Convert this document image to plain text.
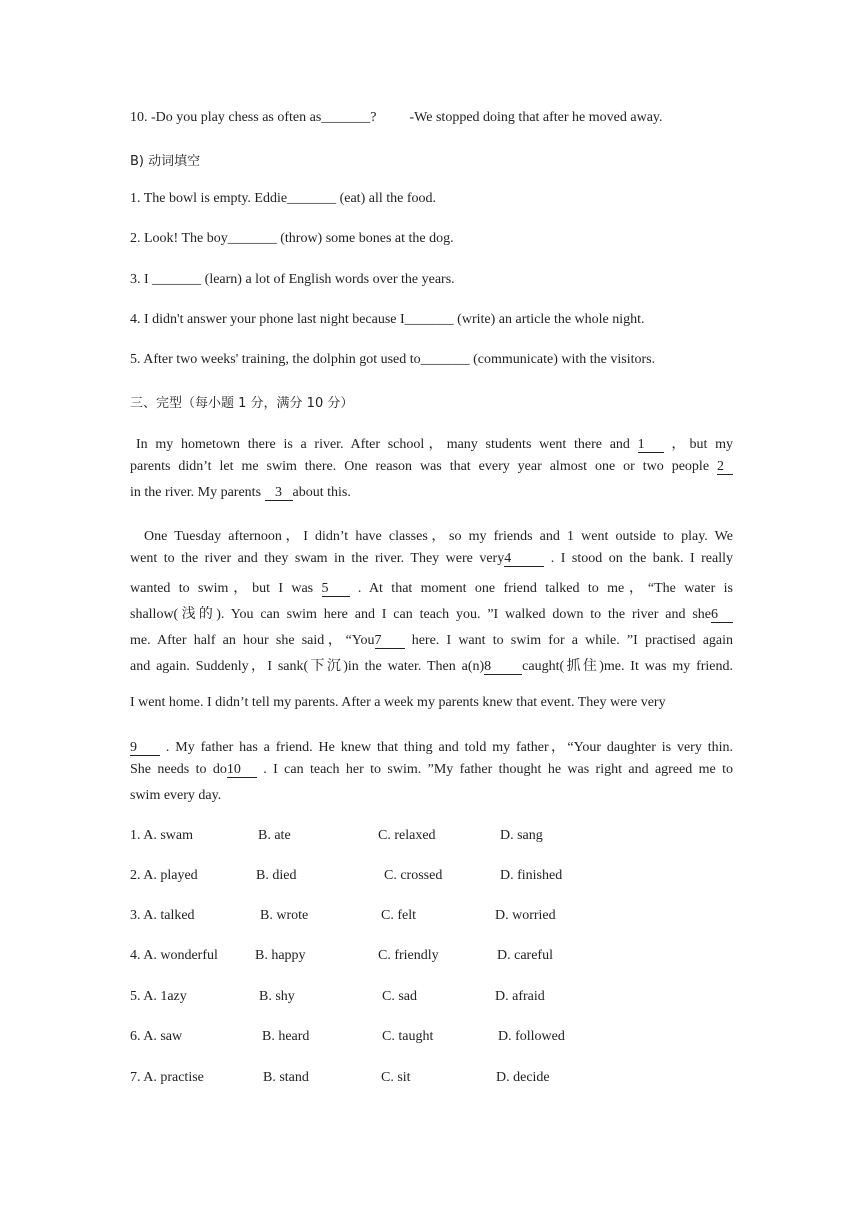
10. -Do you play chess as often as_______? -We stopped doing that after he moved away.
B) 动词填空
1. The bowl is empty. Eddie_______ (eat) all the food.
2. Look! The boy_______ (throw) some bones at the dog.
3. I _______ (learn) a lot of English words over the years.
4. I didn't answer your phone last night because I_______ (write) an article the whole night.
5. After two weeks' training, the dolphin got used to_______ (communicate) with the visitors.
三、完型（每小题 1 分，满分 10 分）
In my hometown there is a river. After school，many students went there and 1 ，but my
parents didn’t let me swim there. One reason was that every year almost one or two people 2
in the river. My parents 3 about this.
One Tuesday afternoon，I didn’t have classes，so my friends and 1 went outside to play. We
went to the river and they swam in the river. They were very4	. I stood on the bank. I really
wanted to swim，but I was 5 . At that moment one friend talked to me，“The water is
shallow(浅的). You can swim here and I can teach you. ”I walked down to the river and she6
me. After half an hour she said，“You7 here. I want to swim for a while. ”I practised again
and again. Suddenly，I sank(下沉)in the water. Then a(n)8 caught(抓住)me. It was my friend.
I went home. I didn’t tell my parents. After a week my parents knew that event. They were very
9 . My father has a friend. He knew that thing and told my father，“Your daughter is very thin.
She needs to do10 . I can teach her to swim. ”My father thought he was right and agreed me to
swim every day.
1. A. swam	B. ate	C. relaxed	D. sang
2. A. played	B. died	C. crossed	D. finished
3. A. talked	B. wrote	C. felt	D. worried
4. A. wonderful	B. happy	C. friendly	D. careful
5. A. 1azy	B. shy	C. sad	D. afraid
6. A. saw	B. heard	C. taught	D. followed
7. A. practise	B. stand	C. sit	D. decide
